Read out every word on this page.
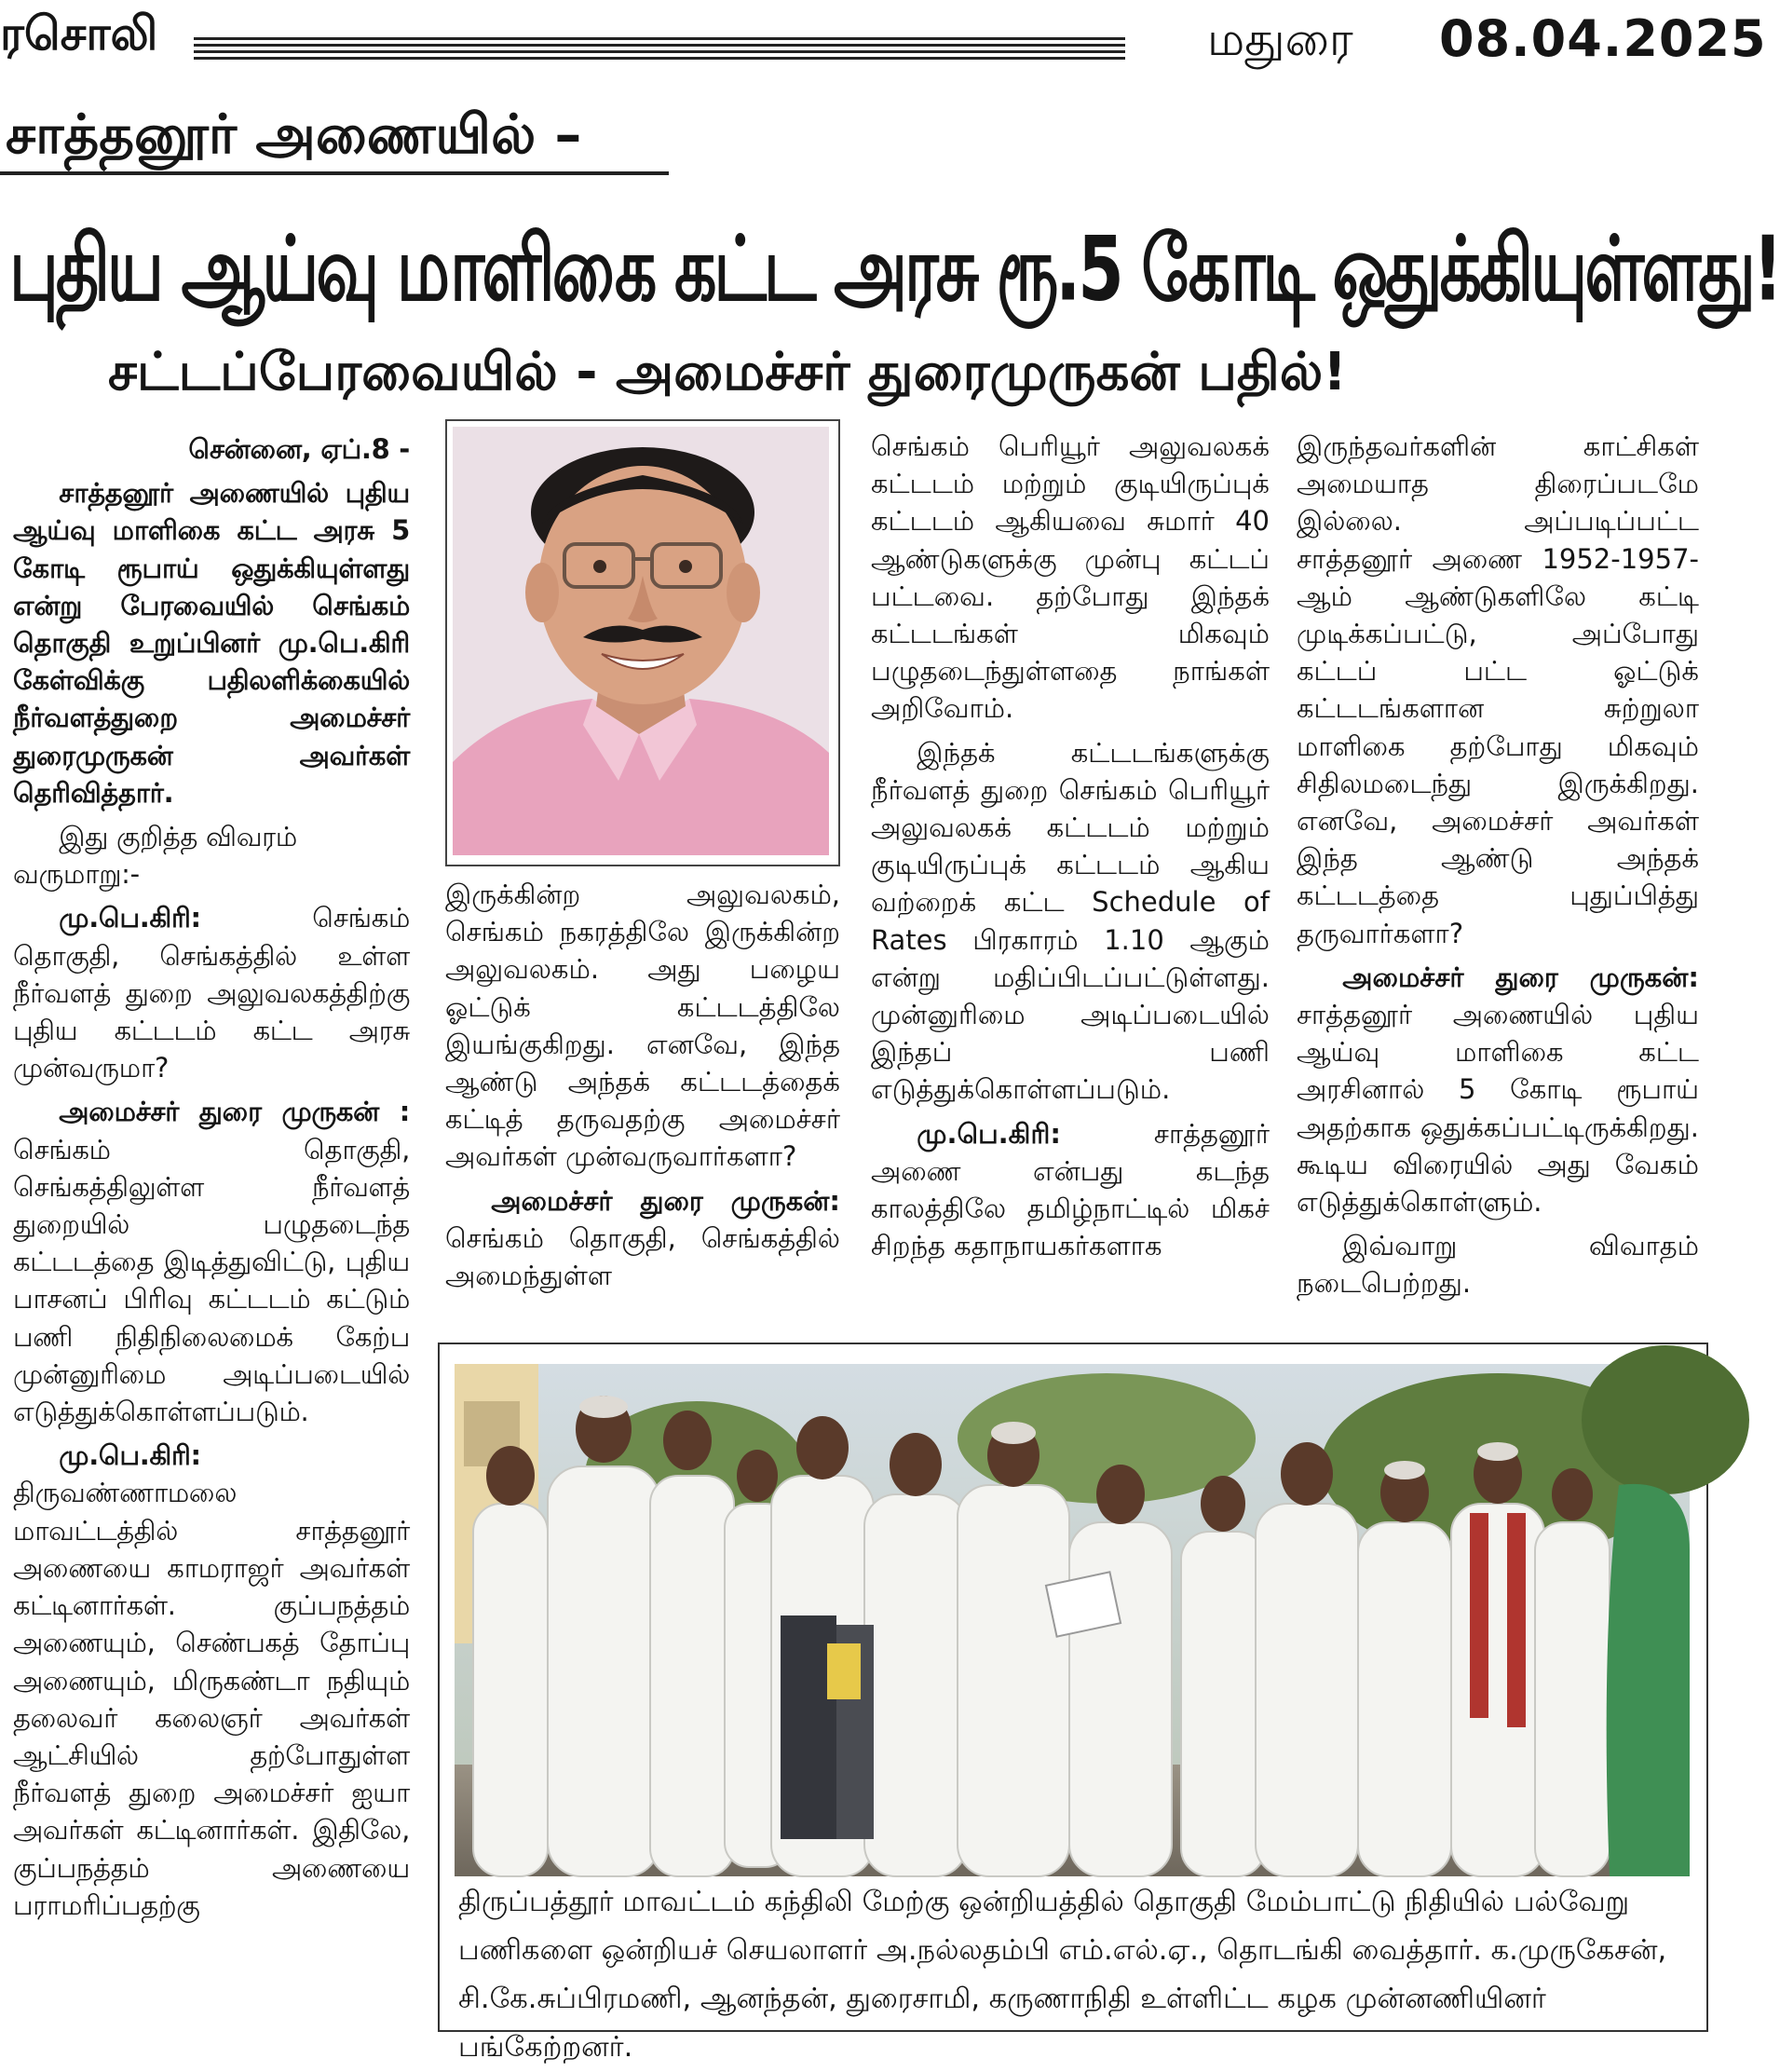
ரசொலி	மதுரை 08.04.2025
சாத்தனூர் அணையில் –
புதிய ஆய்வு மாளிகை கட்ட அரசு ரூ.5 கோடி ஒதுக்கியுள்ளது!
சட்டப்பேரவையில் - அமைச்சர் துரைமுருகன் பதில்!

சென்னை, ஏப்.8 -

சாத்தனூர் அணையில் புதிய ஆய்வு மாளிகை கட்ட அரசு 5 கோடி ரூபாய் ஒதுக்கியுள்ளது என்று பேரவையில் செங்கம் தொகுதி உறுப்பினர் மு.பெ.கிரி கேள்விக்கு பதிலளிக்கையில் நீர்வளத்துறை அமைச்சர் துரைமுருகன் அவர்கள் தெரிவித்தார்.

இது குறித்த விவரம் வருமாறு:-

மு.பெ.கிரி: செங்கம் தொகுதி, செங்கத்தில் உள்ள நீர்வளத் துறை அலுவலகத்திற்கு புதிய கட்டடம் கட்ட அரசு முன்வருமா?

அமைச்சர் துரை முருகன் : செங்கம் தொகுதி, செங்கத்திலுள்ள நீர்வளத் துறையில் பழுதடைந்த கட்டடத்தை இடித்துவிட்டு, புதிய பாசனப் பிரிவு கட்டடம் கட்டும் பணி நிதிநிலைமைக் கேற்ப முன்னுரிமை அடிப்படையில் எடுத்துக்கொள்ளப்படும்.

மு.பெ.கிரி: திருவண்ணாமலை மாவட்டத்தில் சாத்தனூர் அணையை காமராஜர் அவர்கள் கட்டினார்கள். குப்பநத்தம் அணையும், செண்பகத் தோப்பு அணையும், மிருகண்டா நதியும் தலைவர் கலைஞர் அவர்கள் ஆட்சியில் தற்போதுள்ள நீர்வளத் துறை அமைச்சர் ஐயா அவர்கள் கட்டினார்கள். இதிலே, குப்பநத்தம் அணையை பராமரிப்பதற்கு

இருக்கின்ற அலுவலகம், செங்கம் நகரத்திலே இருக்கின்ற அலுவலகம். அது பழைய ஓட்டுக் கட்டடத்திலே இயங்குகிறது. எனவே, இந்த ஆண்டு அந்தக் கட்டடத்தைக் கட்டித் தருவதற்கு அமைச்சர் அவர்கள் முன்வருவார்களா?

அமைச்சர் துரை முருகன்: செங்கம் தொகுதி, செங்கத்தில் அமைந்துள்ள

செங்கம் பெரியூர் அலுவலகக் கட்டடம் மற்றும் குடியிருப்புக் கட்டடம் ஆகியவை சுமார் 40 ஆண்டுகளுக்கு முன்பு கட்டப் பட்டவை. தற்போது இந்தக் கட்டடங்கள் மிகவும் பழுதடைந்துள்ளதை நாங்கள் அறிவோம்.

இந்தக் கட்டடங்களுக்கு நீர்வளத் துறை செங்கம் பெரியூர் அலுவலகக் கட்டடம் மற்றும் குடியிருப்புக் கட்டடம் ஆகிய வற்றைக் கட்ட Schedule of Rates பிரகாரம் 1.10 ஆகும் என்று மதிப்பிடப்பட்டுள்ளது. முன்னுரிமை அடிப்படையில் இந்தப் பணி எடுத்துக்கொள்ளப்படும்.

மு.பெ.கிரி: சாத்தனூர் அணை என்பது கடந்த காலத்திலே தமிழ்நாட்டில் மிகச் சிறந்த கதாநாயகர்களாக

இருந்தவர்களின் காட்சிகள் அமையாத திரைப்படமே இல்லை. அப்படிப்பட்ட சாத்தனூர் அணை 1952-1957-ஆம் ஆண்டுகளிலே கட்டி முடிக்கப்பட்டு, அப்போது கட்டப் பட்ட ஓட்டுக் கட்டடங்களான சுற்றுலா மாளிகை தற்போது மிகவும் சிதிலமடைந்து இருக்கிறது. எனவே, அமைச்சர் அவர்கள் இந்த ஆண்டு அந்தக் கட்டடத்தை புதுப்பித்து தருவார்களா?

அமைச்சர் துரை முருகன்: சாத்தனூர் அணையில் புதிய ஆய்வு மாளிகை கட்ட அரசினால் 5 கோடி ரூபாய் அதற்காக ஒதுக்கப்பட்டிருக்கிறது. கூடிய விரையில் அது வேகம் எடுத்துக்கொள்ளும்.

இவ்வாறு விவாதம் நடைபெற்றது.

திருப்பத்தூர் மாவட்டம் கந்திலி மேற்கு ஒன்றியத்தில் தொகுதி மேம்பாட்டு நிதியில் பல்வேறு பணிகளை ஒன்றியச் செயலாளர் அ.நல்லதம்பி எம்.எல்.ஏ., தொடங்கி வைத்தார். க.முருகேசன், சி.கே.சுப்பிரமணி, ஆனந்தன், துரைசாமி, கருணாநிதி உள்ளிட்ட கழக முன்னணியினர் பங்கேற்றனர்.
